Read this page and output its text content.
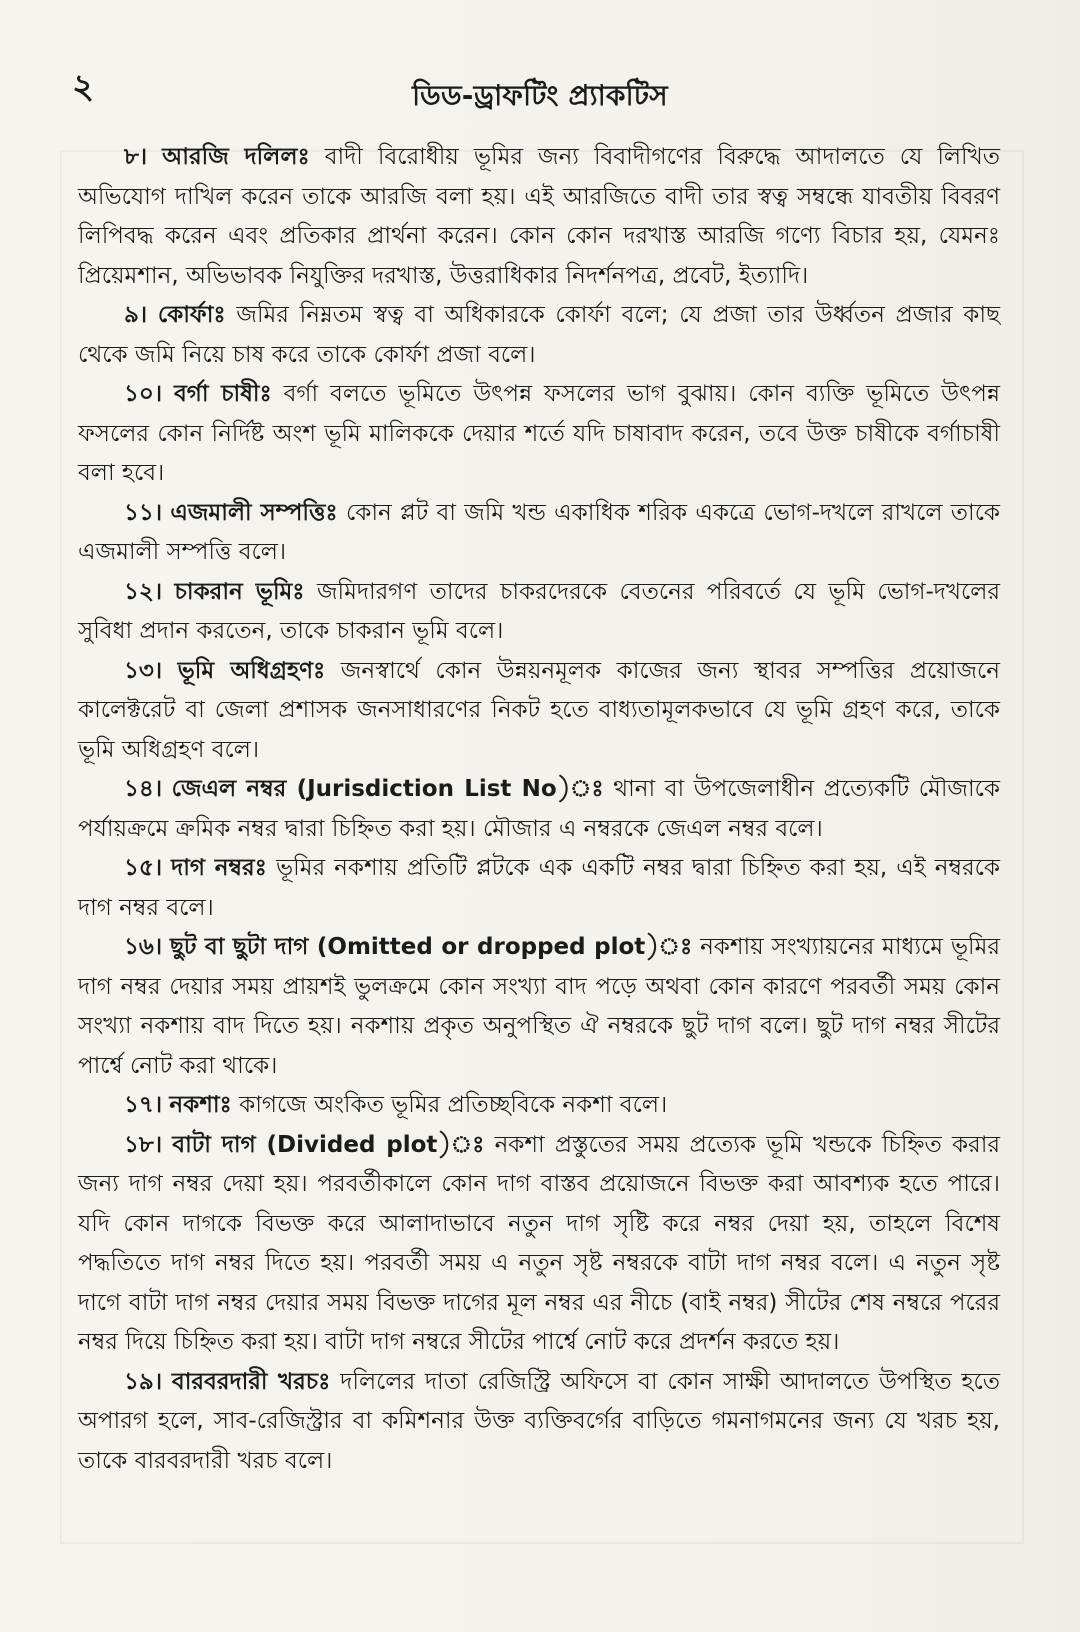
২	ডিড-ড্রাফটিং প্র্যাকটিস

৮। আরজি দলিলঃ বাদী বিরোধীয় ভূমির জন্য বিবাদীগণের বিরুদ্ধে আদালতে যে লিখিত অভিযোগ দাখিল করেন তাকে আরজি বলা হয়। এই আরজিতে বাদী তার স্বত্ব সম্বন্ধে যাবতীয় বিবরণ লিপিবদ্ধ করেন এবং প্রতিকার প্রার্থনা করেন। কোন কোন দরখাস্ত আরজি গণ্যে বিচার হয়, যেমনঃ প্রিয়েমশান, অভিভাবক নিযুক্তির দরখাস্ত, উত্তরাধিকার নিদর্শনপত্র, প্রবেট, ইত্যাদি।

৯। কোর্ফাঃ জমির নিম্নতম স্বত্ব বা অধিকারকে কোর্ফা বলে; যে প্রজা তার উর্ধ্বতন প্রজার কাছ থেকে জমি নিয়ে চাষ করে তাকে কোর্ফা প্রজা বলে।

১০। বর্গা চাষীঃ বর্গা বলতে ভূমিতে উৎপন্ন ফসলের ভাগ বুঝায়। কোন ব্যক্তি ভূমিতে উৎপন্ন ফসলের কোন নির্দিষ্ট অংশ ভূমি মালিককে দেয়ার শর্তে যদি চাষাবাদ করেন, তবে উক্ত চাষীকে বর্গাচাষী বলা হবে।

১১। এজমালী সম্পত্তিঃ কোন প্লট বা জমি খন্ড একাধিক শরিক একত্রে ভোগ-দখলে রাখলে তাকে এজমালী সম্পত্তি বলে।

১২। চাকরান ভূমিঃ জমিদারগণ তাদের চাকরদেরকে বেতনের পরিবর্তে যে ভূমি ভোগ-দখলের সুবিধা প্রদান করতেন, তাকে চাকরান ভূমি বলে।

১৩। ভূমি অধিগ্রহণঃ জনস্বার্থে কোন উন্নয়নমূলক কাজের জন্য স্থাবর সম্পত্তির প্রয়োজনে কালেক্টরেট বা জেলা প্রশাসক জনসাধারণের নিকট হতে বাধ্যতামূলকভাবে যে ভূমি গ্রহণ করে, তাকে ভূমি অধিগ্রহণ বলে।

১৪। জেএল নম্বর (Jurisdiction List No)ঃ থানা বা উপজেলাধীন প্রত্যেকটি মৌজাকে পর্যায়ক্রমে ক্রমিক নম্বর দ্বারা চিহ্নিত করা হয়। মৌজার এ নম্বরকে জেএল নম্বর বলে।

১৫। দাগ নম্বরঃ ভূমির নকশায় প্রতিটি প্লটকে এক একটি নম্বর দ্বারা চিহ্নিত করা হয়, এই নম্বরকে দাগ নম্বর বলে।

১৬। ছুট বা ছুটা দাগ (Omitted or dropped plot)ঃ নকশায় সংখ্যায়নের মাধ্যমে ভূমির দাগ নম্বর দেয়ার সময় প্রায়শই ভুলক্রমে কোন সংখ্যা বাদ পড়ে অথবা কোন কারণে পরবর্তী সময় কোন সংখ্যা নকশায় বাদ দিতে হয়। নকশায় প্রকৃত অনুপস্থিত ঐ নম্বরকে ছুট দাগ বলে। ছুট দাগ নম্বর সীটের পার্শ্বে নোট করা থাকে।

১৭। নকশাঃ কাগজে অংকিত ভূমির প্রতিচ্ছবিকে নকশা বলে।

১৮। বাটা দাগ (Divided plot)ঃ নকশা প্রস্তুতের সময় প্রত্যেক ভূমি খন্ডকে চিহ্নিত করার জন্য দাগ নম্বর দেয়া হয়। পরবর্তীকালে কোন দাগ বাস্তব প্রয়োজনে বিভক্ত করা আবশ্যক হতে পারে। যদি কোন দাগকে বিভক্ত করে আলাদাভাবে নতুন দাগ সৃষ্টি করে নম্বর দেয়া হয়, তাহলে বিশেষ পদ্ধতিতে দাগ নম্বর দিতে হয়। পরবর্তী সময় এ নতুন সৃষ্ট নম্বরকে বাটা দাগ নম্বর বলে। এ নতুন সৃষ্ট দাগে বাটা দাগ নম্বর দেয়ার সময় বিভক্ত দাগের মূল নম্বর এর নীচে (বাই নম্বর) সীটের শেষ নম্বরে পরের নম্বর দিয়ে চিহ্নিত করা হয়। বাটা দাগ নম্বরে সীটের পার্শ্বে নোট করে প্রদর্শন করতে হয়।

১৯। বারবরদারী খরচঃ দলিলের দাতা রেজিস্ট্রি অফিসে বা কোন সাক্ষী আদালতে উপস্থিত হতে অপারগ হলে, সাব-রেজিস্ট্রার বা কমিশনার উক্ত ব্যক্তিবর্গের বাড়িতে গমনাগমনের জন্য যে খরচ হয়, তাকে বারবরদারী খরচ বলে।
